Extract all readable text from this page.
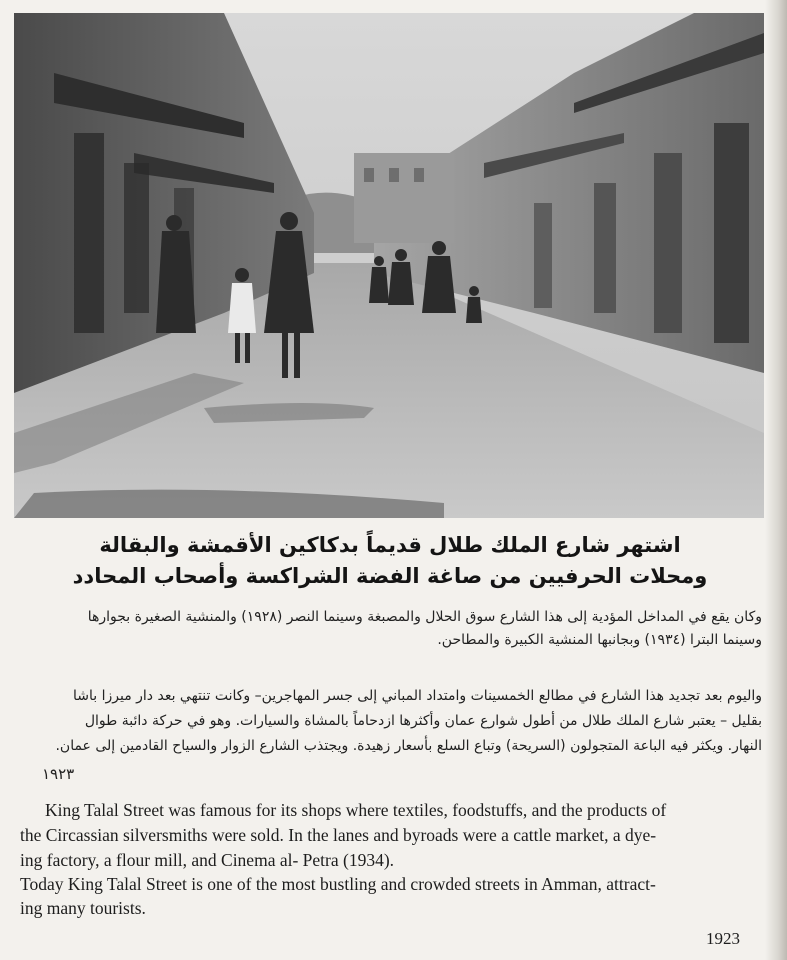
اشتهر شارع الملك طلال قديماً بدكاكين الأقمشة والبقالة
ومحلات الحرفيين من صاغة الفضة الشراكسة وأصحاب المحادد
وكان يقع في المداخل المؤدية إلى هذا الشارع سوق الحلال والمصبغة وسينما النصر (١٩٢٨) والمنشية الصغيرة بجوارها
وسينما البترا (١٩٣٤) وبجانبها المنشية الكبيرة والمطاحن.
واليوم بعد تجديد هذا الشارع في مطالع الخمسينات وامتداد المباني إلى جسر المهاجرين– وكانت تنتهي بعد دار ميرزا باشا
بقليل – يعتبر شارع الملك طلال من أطول شوارع عمان وأكثرها ازدحاماً بالمشاة والسيارات. وهو في حركة دائبة طوال
النهار. ويكثر فيه الباعة المتجولون (السريحة) وتباع السلع بأسعار زهيدة. ويجتذب الشارع الزوار والسياح القادمين إلى عمان.
١٩٢٣
King Talal Street was famous for its shops where textiles, foodstuffs, and the products of
the Circassian silversmiths were sold. In the lanes and byroads were a cattle market, a dye-
ing factory, a flour mill, and Cinema al- Petra (1934).
Today King Talal Street is one of the most bustling and crowded streets in Amman, attract-
ing many tourists.
1923
